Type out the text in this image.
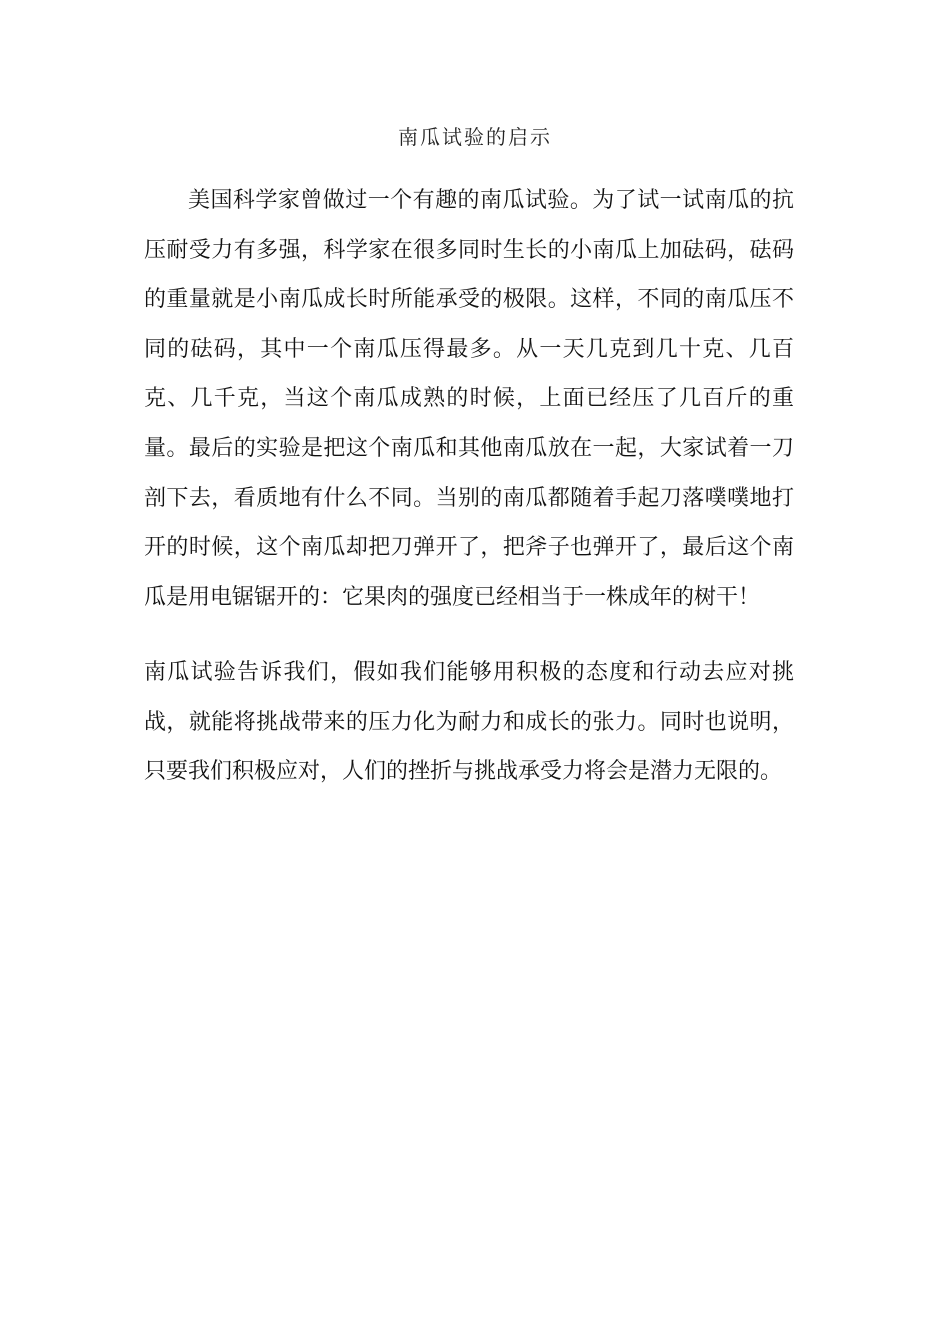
南瓜试验的启示

美国科学家曾做过一个有趣的南瓜试验。为了试一试南瓜的抗压耐受力有多强，科学家在很多同时生长的小南瓜上加砝码，砝码的重量就是小南瓜成长时所能承受的极限。这样，不同的南瓜压不同的砝码，其中一个南瓜压得最多。从一天几克到几十克、几百克、几千克，当这个南瓜成熟的时候，上面已经压了几百斤的重量。最后的实验是把这个南瓜和其他南瓜放在一起，大家试着一刀剖下去，看质地有什么不同。当别的南瓜都随着手起刀落噗噗地打开的时候，这个南瓜却把刀弹开了，把斧子也弹开了，最后这个南瓜是用电锯锯开的：它果肉的强度已经相当于一株成年的树干！

南瓜试验告诉我们，假如我们能够用积极的态度和行动去应对挑战，就能将挑战带来的压力化为耐力和成长的张力。同时也说明，只要我们积极应对，人们的挫折与挑战承受力将会是潜力无限的。
